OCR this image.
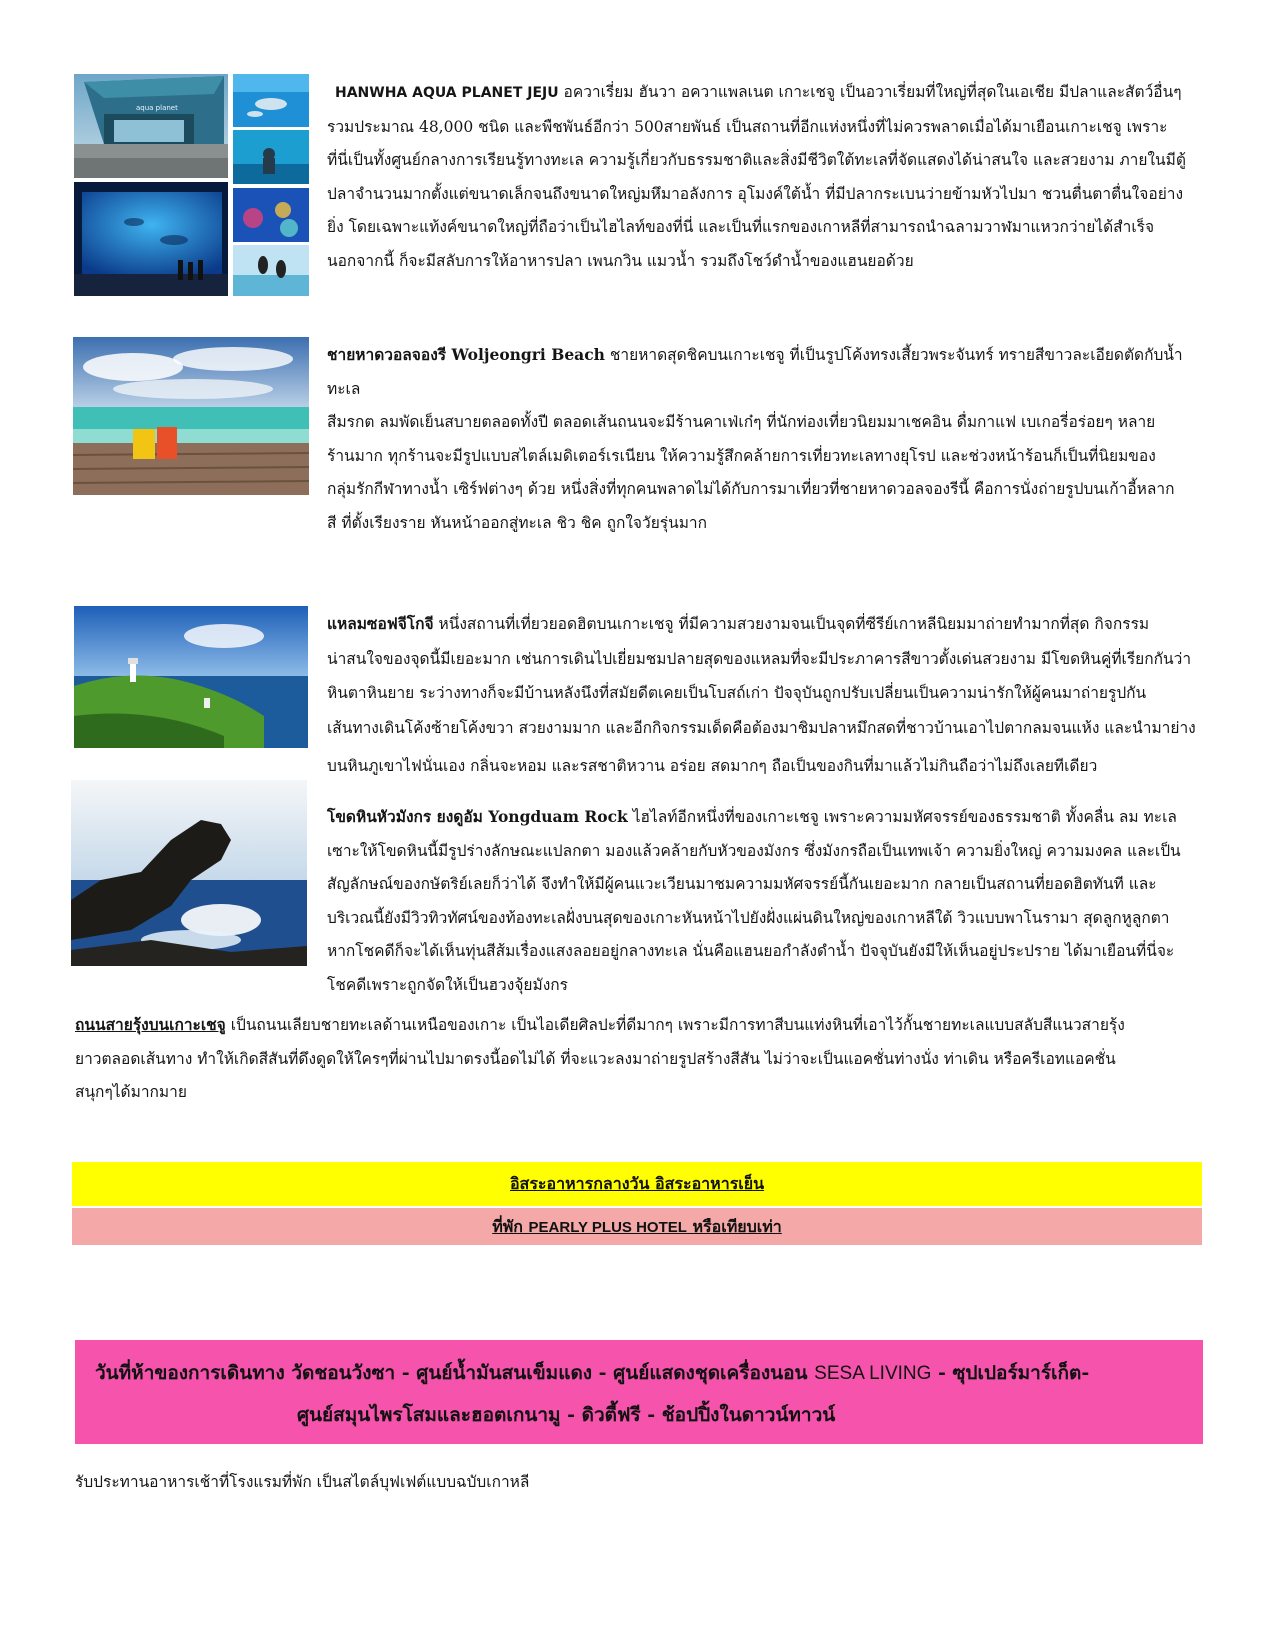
aqua planet
HANWHA AQUA PLANET JEJU อควาเรี่ยม ฮันวา อควาแพลเนต เกาะเชจู เป็นอวาเรี่ยมที่ใหญ่ที่สุดในเอเชีย มีปลาและสัตว์อื่นๆ
รวมประมาณ 48,000 ชนิด และพืชพันธ์อีกว่า 500สายพันธ์ เป็นสถานที่อีกแห่งหนึ่งที่ไม่ควรพลาดเมื่อได้มาเยือนเกาะเชจู เพราะ
ที่นี่เป็นทั้งศูนย์กลางการเรียนรู้ทางทะเล ความรู้เกี่ยวกับธรรมชาติและสิ่งมีชีวิตใต้ทะเลที่จัดแสดงได้น่าสนใจ และสวยงาม ภายในมีตู้
ปลาจำนวนมากตั้งแต่ขนาดเล็กจนถึงขนาดใหญ่มหึมาอลังการ อุโมงค์ใต้น้ำ ที่มีปลากระเบนว่ายข้ามหัวไปมา ชวนตื่นตาตื่นใจอย่าง
ยิ่ง โดยเฉพาะแท้งค์ขนาดใหญ่ที่ถือว่าเป็นไฮไลท์ของที่นี่ และเป็นที่แรกของเกาหลีที่สามารถนำฉลามวาฬมาแหวกว่ายได้สำเร็จ
นอกจากนี้ ก็จะมีสลับการให้อาหารปลา เพนกวิน แมวน้ำ รวมถึงโชว์ดำน้ำของแฮนยอด้วย
ชายหาดวอลจองรี Woljeongri Beach ชายหาดสุดชิคบนเกาะเชจู ที่เป็นรูปโค้งทรงเสี้ยวพระจันทร์ ทรายสีขาวละเอียดตัดกับน้ำทะเล
สีมรกต ลมพัดเย็นสบายตลอดทั้งปี ตลอดเส้นถนนจะมีร้านคาเฟ่เก๋ๆ ที่นักท่องเที่ยวนิยมมาเชคอิน ดื่มกาแฟ เบเกอรี่อร่อยๆ หลาย
ร้านมาก ทุกร้านจะมีรูปแบบสไตล์เมดิเตอร์เรเนียน ให้ความรู้สึกคล้ายการเที่ยวทะเลทางยุโรป และช่วงหน้าร้อนก็เป็นที่นิยมของ
กลุ่มรักกีฬาทางน้ำ เซิร์ฟต่างๆ ด้วย หนึ่งสิ่งที่ทุกคนพลาดไม่ได้กับการมาเที่ยวที่ชายหาดวอลจองรีนี้ คือการนั่งถ่ายรูปบนเก้าอี้หลาก
สี ที่ตั้งเรียงราย หันหน้าออกสู่ทะเล ชิว ชิค ถูกใจวัยรุ่นมาก
แหลมซอฟจีโกจี หนึ่งสถานที่เที่ยวยอดฮิตบนเกาะเชจู ที่มีความสวยงามจนเป็นจุดที่ซีรีย์เกาหลีนิยมมาถ่ายทำมากที่สุด กิจกรรม
น่าสนใจของจุดนี้มีเยอะมาก เช่นการเดินไปเยี่ยมชมปลายสุดของแหลมที่จะมีประภาคารสีขาวตั้งเด่นสวยงาม มีโขดหินคู่ที่เรียกกันว่า
หินตาหินยาย ระว่างทางก็จะมีบ้านหลังนึงที่สมัยดีตเคยเป็นโบสถ์เก่า ปัจจุบันถูกปรับเปลี่ยนเป็นความน่ารักให้ผู้คนมาถ่ายรูปกัน
เส้นทางเดินโค้งซ้ายโค้งขวา สวยงามมาก และอีกกิจกรรมเด็ดคือต้องมาชิมปลาหมึกสดที่ชาวบ้านเอาไปตากลมจนแห้ง และนำมาย่าง
บนหินภูเขาไฟนั่นเอง กลิ่นจะหอม และรสชาติหวาน อร่อย สดมากๆ ถือเป็นของกินที่มาแล้วไม่กินถือว่าไม่ถึงเลยทีเดียว
โขดหินหัวมังกร ยงดูอัม Yongduam Rock ไฮไลท์อีกหนึ่งที่ของเกาะเชจู เพราะความมหัศจรรย์ของธรรมชาติ ทั้งคลื่น ลม ทะเล
เซาะให้โขดหินนี้มีรูปร่างลักษณะแปลกตา มองแล้วคล้ายกับหัวของมังกร ซึ่งมังกรถือเป็นเทพเจ้า ความยิ่งใหญ่ ความมงคล และเป็น
สัญลักษณ์ของกษัตริย์เลยก็ว่าได้ จึงทำให้มีผู้คนแวะเวียนมาชมความมหัศจรรย์นี้กันเยอะมาก กลายเป็นสถานที่ยอดฮิตทันที และ
บริเวณนี้ยังมีวิวทิวทัศน์ของท้องทะเลฝั่งบนสุดของเกาะหันหน้าไปยังฝั่งแผ่นดินใหญ่ของเกาหลีใต้ วิวแบบพาโนรามา สุดลูกหูลูกตา
หากโชคดีก็จะได้เห็นทุ่นสีส้มเรื่องแสงลอยอยู่กลางทะเล นั่นคือแฮนยอกำลังดำน้ำ ปัจจุบันยังมีให้เห็นอยู่ประปราย ได้มาเยือนที่นี่จะ
โชคดีเพราะถูกจัดให้เป็นฮวงจุ้ยมังกร
ถนนสายรุ้งบนเกาะเชจู เป็นถนนเลียบชายทะเลด้านเหนือของเกาะ เป็นไอเดียศิลปะที่ดีมากๆ เพราะมีการทาสีบนแท่งหินที่เอาไว้กั้นชายทะเลแบบสลับสีแนวสายรุ้ง
ยาวตลอดเส้นทาง ทำให้เกิดสีสันที่ดึงดูดให้ใครๆที่ผ่านไปมาตรงนี้อดไม่ได้ ที่จะแวะลงมาถ่ายรูปสร้างสีสัน ไม่ว่าจะเป็นแอคชั่นท่างนั่ง ท่าเดิน หรือครีเอทแอคชั่น
สนุกๆได้มากมาย
อิสระอาหารกลางวัน อิสระอาหารเย็น
ที่พัก PEARLY PLUS HOTEL หรือเทียบเท่า
วันที่ห้าของการเดินทาง วัดชอนวังซา - ศูนย์น้ำมันสนเข็มแดง - ศูนย์แสดงชุดเครื่องนอน SESA LIVING - ซุปเปอร์มาร์เก็ต-
ศูนย์สมุนไพรโสมและฮอตเกนามู - ดิวตี้ฟรี - ช้อปปิ้งในดาวน์ทาวน์
รับประทานอาหารเช้าที่โรงแรมที่พัก เป็นสไตล์บุฟเฟต์แบบฉบับเกาหลี
